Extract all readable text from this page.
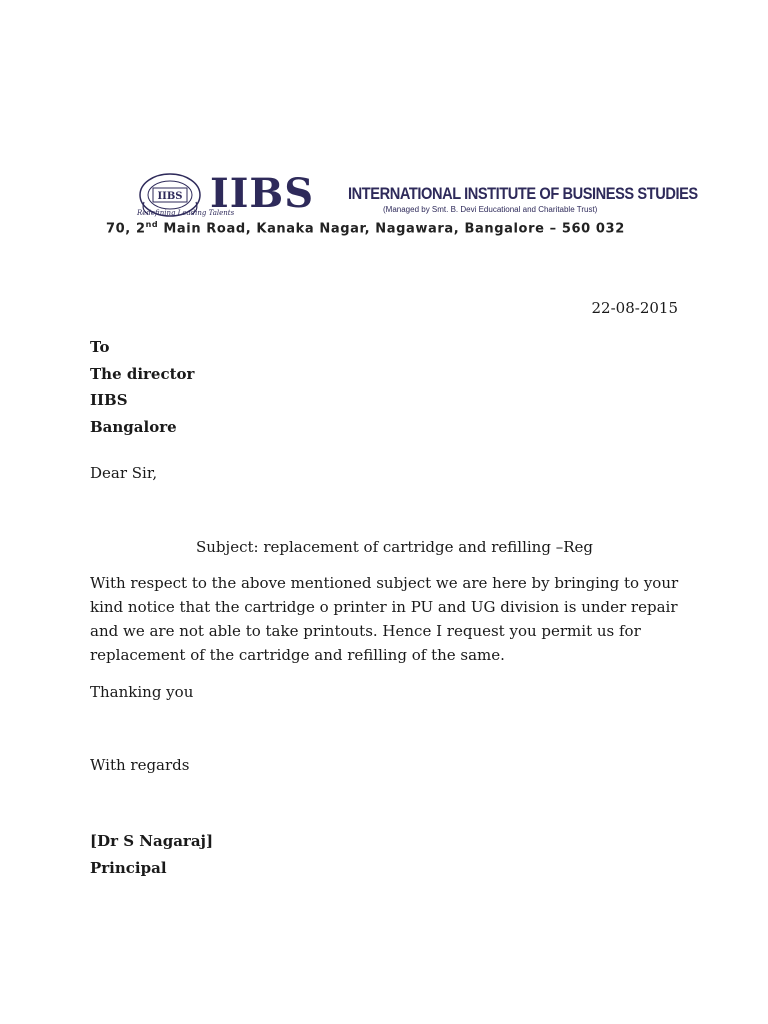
IIBS IIBS INTERNATIONAL INSTITUTE OF BUSINESS STUDIES
(Managed by Smt. B. Devi Educational and Charitable Trust)
Redefining Leading Talents
70, 2nd Main Road, Kanaka Nagar, Nagawara, Bangalore – 560 032
22-08-2015
To
The director
IIBS
Bangalore
Dear Sir,
Subject: replacement of cartridge and refilling –Reg
With respect to the above mentioned subject we are here by bringing to your
kind notice that the cartridge o printer in PU and UG division is under repair
and we are not able to take printouts. Hence I request you permit us for
replacement of the cartridge and refilling of the same.
Thanking you
With regards
[Dr S Nagaraj]
Principal
